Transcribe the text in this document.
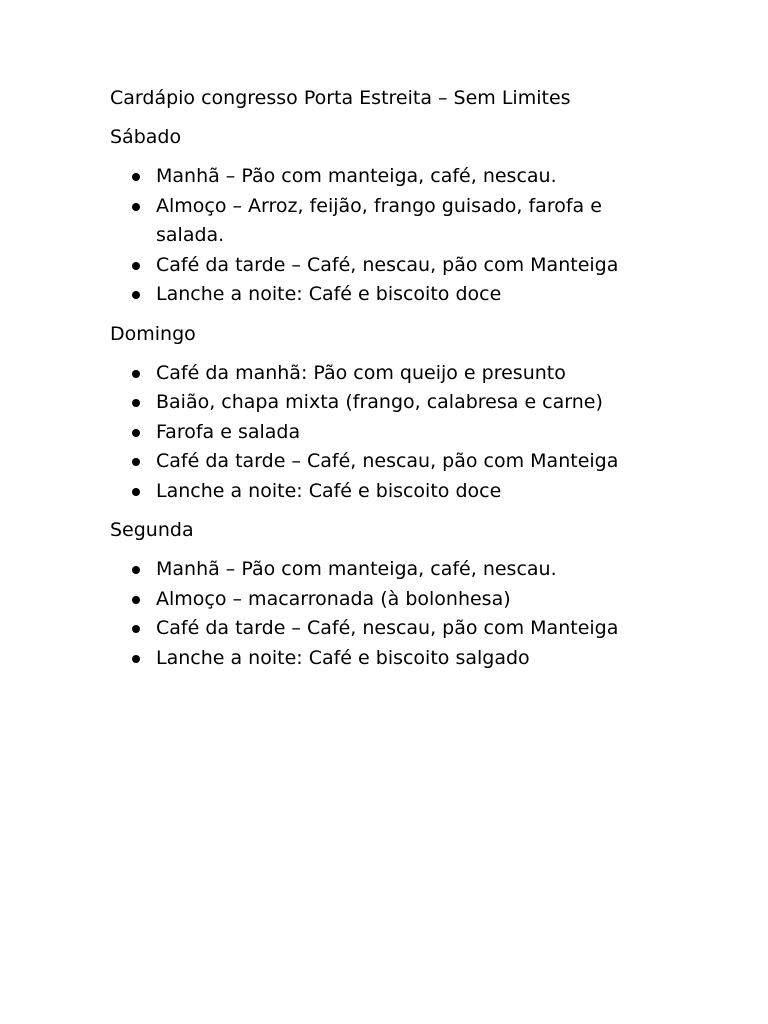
Cardápio congresso Porta Estreita – Sem Limites

Sábado

Manhã – Pão com manteiga, café, nescau.
Almoço – Arroz, feijão, frango guisado, farofa e salada.
Café da tarde – Café, nescau, pão com Manteiga
Lanche a noite: Café e biscoito doce

Domingo

Café da manhã: Pão com queijo e presunto
Baião, chapa mixta (frango, calabresa e carne)
Farofa e salada
Café da tarde – Café, nescau, pão com Manteiga
Lanche a noite: Café e biscoito doce

Segunda

Manhã – Pão com manteiga, café, nescau.
Almoço – macarronada (à bolonhesa)
Café da tarde – Café, nescau, pão com Manteiga
Lanche a noite: Café e biscoito salgado
